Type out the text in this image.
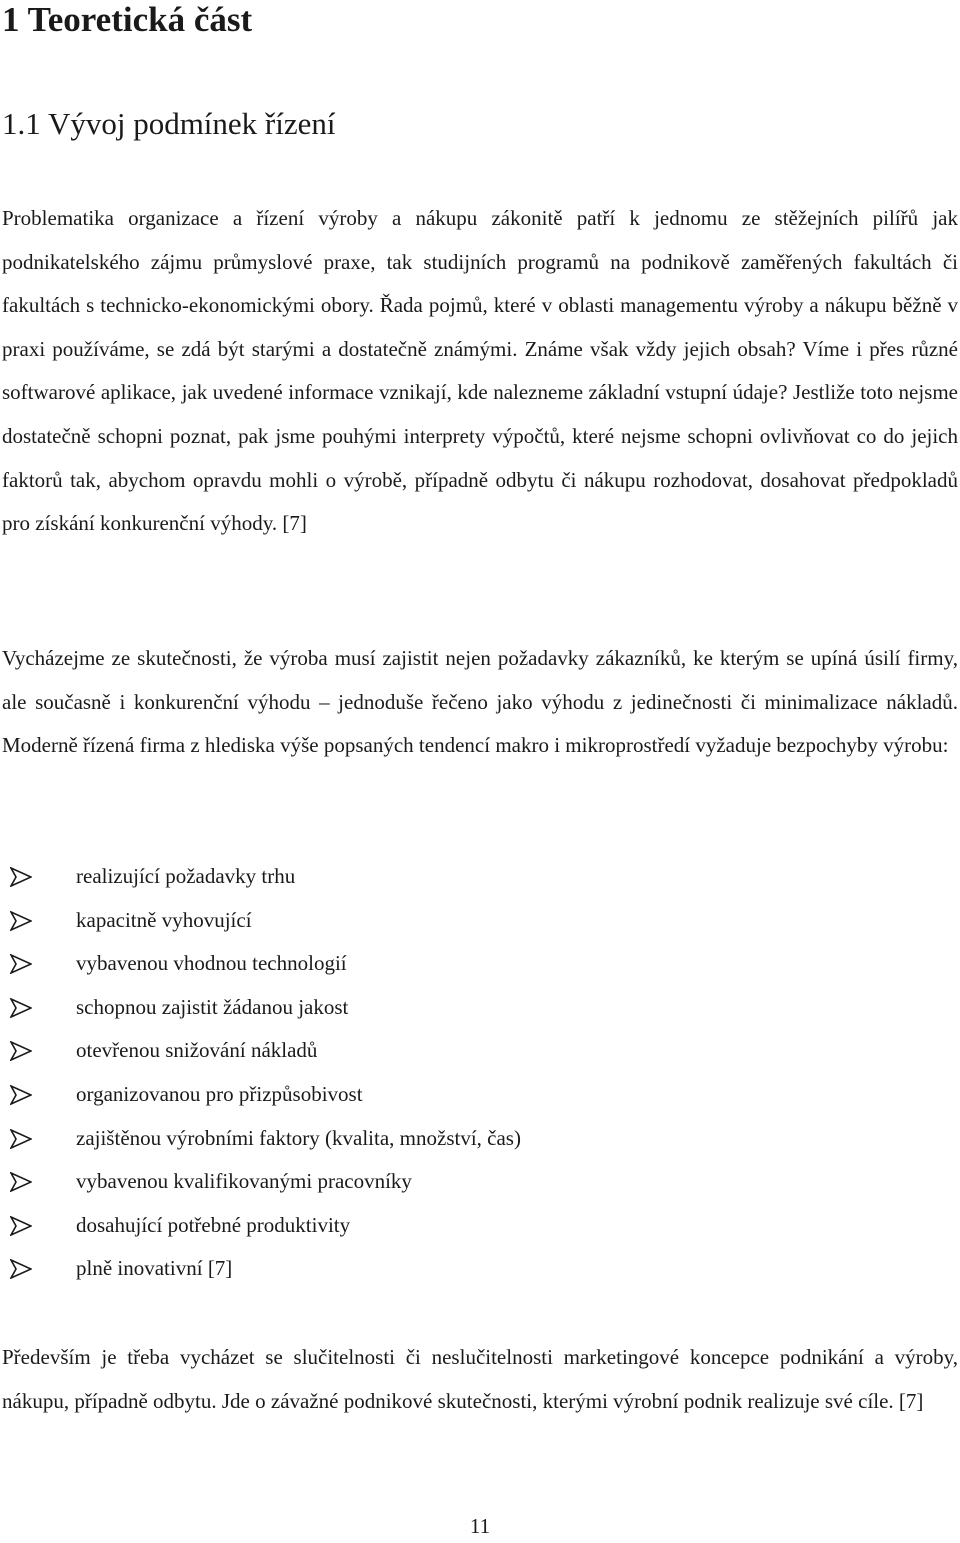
1 Teoretická část
1.1 Vývoj podmínek řízení

Problematika organizace a řízení výroby a nákupu zákonitě patří k jednomu ze stěžejních pilířů jak podnikatelského zájmu průmyslové praxe, tak studijních programů na podnikově zaměřených fakultách či fakultách s technicko-ekonomickými obory. Řada pojmů, které v oblasti managementu výroby a nákupu běžně v praxi používáme, se zdá být starými a dostatečně známými. Známe však vždy jejich obsah? Víme i přes různé softwarové aplikace, jak uvedené informace vznikají, kde nalezneme základní vstupní údaje? Jestliže toto nejsme dostatečně schopni poznat, pak jsme pouhými interprety výpočtů, které nejsme schopni ovlivňovat co do jejich faktorů tak, abychom opravdu mohli o výrobě, případně odbytu či nákupu rozhodovat, dosahovat předpokladů pro získání konkurenční výhody. [7]

Vycházejme ze skutečnosti, že výroba musí zajistit nejen požadavky zákazníků, ke kterým se upíná úsilí firmy, ale současně i konkurenční výhodu – jednoduše řečeno jako výhodu z jedinečnosti či minimalizace nákladů. Moderně řízená firma z hlediska výše popsaných tendencí makro i mikroprostředí vyžaduje bezpochyby výrobu:

realizující požadavky trhu
kapacitně vyhovující
vybavenou vhodnou technologií
schopnou zajistit žádanou jakost
otevřenou snižování nákladů
organizovanou pro přizpůsobivost
zajištěnou výrobními faktory (kvalita, množství, čas)
vybavenou kvalifikovanými pracovníky
dosahující potřebné produktivity
plně inovativní [7]

Především je třeba vycházet se slučitelnosti či neslučitelnosti marketingové koncepce podnikání a výroby, nákupu, případně odbytu. Jde o závažné podnikové skutečnosti, kterými výrobní podnik realizuje své cíle. [7]

11
